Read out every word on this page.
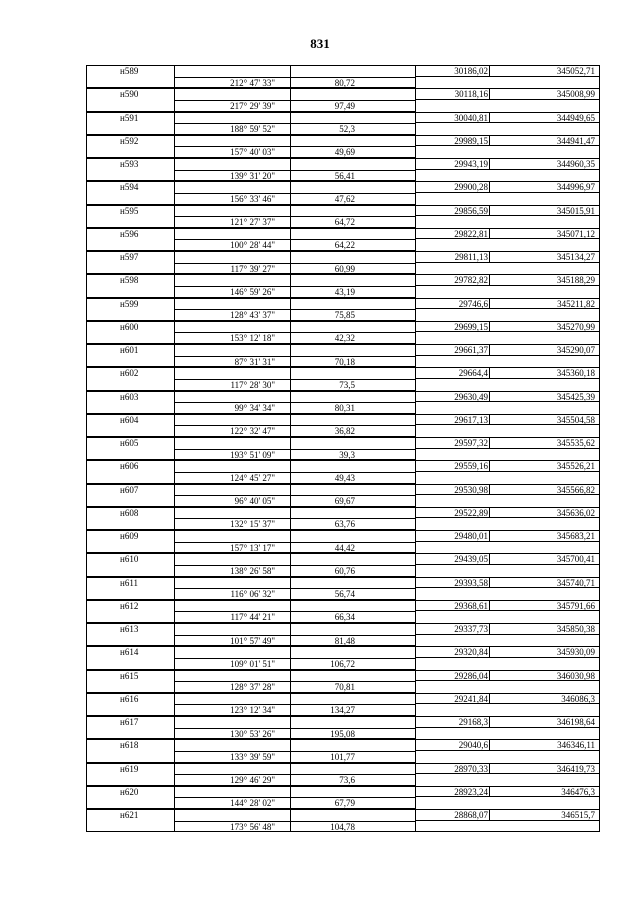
831
н589	30186,02	345052,71
212° 47' 33"	80,72
н590	30118,16	345008,99
217° 29' 39"	97,49
н591	30040,81	344949,65
188° 59' 52"	52,3
н592	29989,15	344941,47
157° 40' 03"	49,69
н593	29943,19	344960,35
139° 31' 20"	56,41
н594	29900,28	344996,97
156° 33' 46"	47,62
н595	29856,59	345015,91
121° 27' 37"	64,72
н596	29822,81	345071,12
100° 28' 44"	64,22
н597	29811,13	345134,27
117° 39' 27"	60,99
н598	29782,82	345188,29
146° 59' 26"	43,19
н599	29746,6	345211,82
128° 43' 37"	75,85
н600	29699,15	345270,99
153° 12' 18"	42,32
н601	29661,37	345290,07
87° 31' 31"	70,18
н602	29664,4	345360,18
117° 28' 30"	73,5
н603	29630,49	345425,39
99° 34' 34"	80,31
н604	29617,13	345504,58
122° 32' 47"	36,82
н605	29597,32	345535,62
193° 51' 09"	39,3
н606	29559,16	345526,21
124° 45' 27"	49,43
н607	29530,98	345566,82
96° 40' 05"	69,67
н608	29522,89	345636,02
132° 15' 37"	63,76
н609	29480,01	345683,21
157° 13' 17"	44,42
н610	29439,05	345700,41
138° 26' 58"	60,76
н611	29393,58	345740,71
116° 06' 32"	56,74
н612	29368,61	345791,66
117° 44' 21"	66,34
н613	29337,73	345850,38
101° 57' 49"	81,48
н614	29320,84	345930,09
109° 01' 51"	106,72
н615	29286,04	346030,98
128° 37' 28"	70,81
н616	29241,84	346086,3
123° 12' 34"	134,27
н617	29168,3	346198,64
130° 53' 26"	195,08
н618	29040,6	346346,11
133° 39' 59"	101,77
н619	28970,33	346419,73
129° 46' 29"	73,6
н620	28923,24	346476,3
144° 28' 02"	67,79
н621	28868,07	346515,7
173° 56' 48"	104,78
